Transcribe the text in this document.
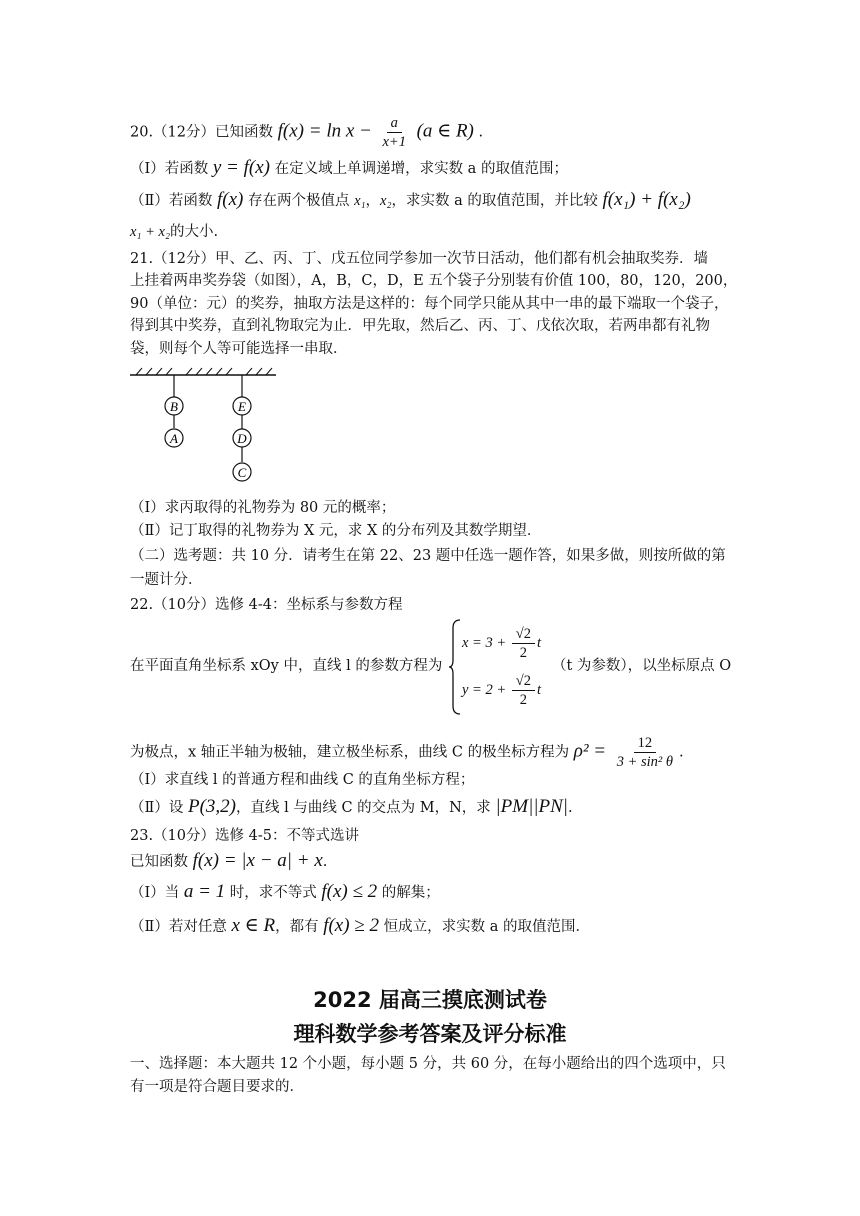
20.（12分）已知函数 $f(x) = \ln x - \frac{a}{x+1} (a$ ∈ R) .
（Ⅰ）若函数 y = f(x) 在定义域上单调递增，求实数 a 的取值范围；
（Ⅱ）若函数 f(x) 存在两个极值点 x₁，x₂，求实数 a 的取值范围，并比较 f(x₁) + f(x₂)
x₁ + x₂的大小.
21.（12分）甲、乙、丙、丁、戊五位同学参加一次节日活动，他们都有机会抽取奖券．墙
上挂着两串奖券袋（如图），A，B，C，D，E 五个袋子分别装有价值 100，80，120，200，
90（单位：元）的奖券，抽取方法是这样的：每个同学只能从其中一串的最下端取一个袋子，
得到其中奖券，直到礼物取完为止．甲先取，然后乙、丙、丁、戊依次取，若两串都有礼物
袋，则每个人等可能选择一串取．
B
A
E
D
C
（Ⅰ）求丙取得的礼物券为 80 元的概率；
（Ⅱ）记丁取得的礼物券为 X 元，求 X 的分布列及其数学期望．
（二）选考题：共 10 分．请考生在第 22、23 题中任选一题作答，如果多做，则按所做的第
一题计分．
22.（10分）选修 4-4：坐标系与参数方程
在平面直角坐标系 xOy 中，直线 l 的参数方程为
$x = 3 + \frac{√2}{2}$ t
$y = 2 + \frac{√2}{2}$ t
（t 为参数），以坐标原点 O
为极点，x 轴正半轴为极轴，建立极坐标系，曲线 C 的极坐标方程为 $\rho^2 = \frac{12}{\text{3 + sin² θ}}$ .
（Ⅰ）求直线 l 的普通方程和曲线 C 的直角坐标方程；
（Ⅱ）设 P(3,2)，直线 l 与曲线 C 的交点为 M，N，求 |PM||PN|.
23.（10分）选修 4-5：不等式选讲
已知函数 f(x) = |x − a| + x.
（Ⅰ）当 a = 1 时，求不等式 f(x) ≤ 2 的解集；
（Ⅱ）若对任意 x ∈ R，都有 f(x) ≥ 2 恒成立，求实数 a 的取值范围．
2022 届高三摸底测试卷
理科数学参考答案及评分标准
一、选择题：本大题共 12 个小题，每小题 5 分，共 60 分，在每小题给出的四个选项中，只
有一项是符合题目要求的．
